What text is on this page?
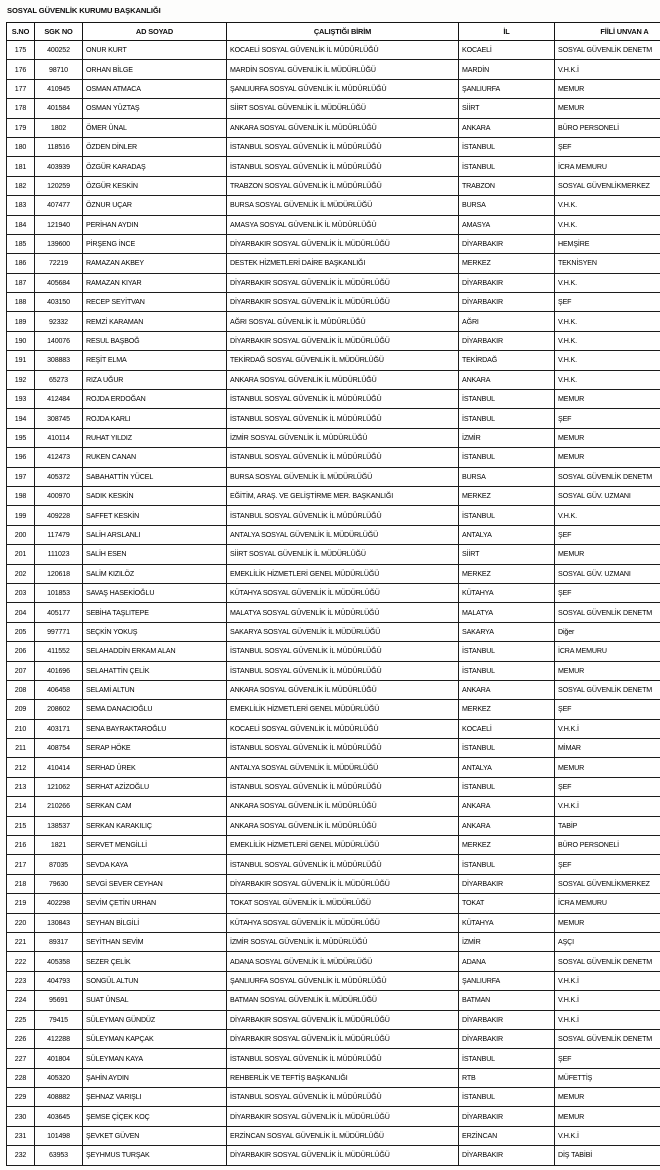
SOSYAL GÜVENLİK KURUMU BAŞKANLIĞI
S.NO	SGK NO	AD SOYAD	ÇALIŞTIĞI BİRİM	İL	FİİLİ UNVAN A
175	400252	ONUR KURT	KOCAELİ SOSYAL GÜVENLİK İL MÜDÜRLÜĞÜ	KOCAELİ	SOSYAL GÜVENLİK DENETM
176	98710	ORHAN BİLGE	MARDİN SOSYAL GÜVENLİK İL MÜDÜRLÜĞÜ	MARDİN	V.H.K.İ
177	410945	OSMAN ATMACA	ŞANLIURFA SOSYAL GÜVENLİK İL MÜDÜRLÜĞÜ	ŞANLIURFA	MEMUR
178	401584	OSMAN YÜZTAŞ	SİİRT SOSYAL GÜVENLİK İL MÜDÜRLÜĞÜ	SİİRT	MEMUR
179	1802	ÖMER ÜNAL	ANKARA SOSYAL GÜVENLİK İL MÜDÜRLÜĞÜ	ANKARA	BÜRO PERSONELİ
180	118516	ÖZDEN DİNLER	İSTANBUL SOSYAL GÜVENLİK İL MÜDÜRLÜĞÜ	İSTANBUL	ŞEF
181	403939	ÖZGÜR KARADAŞ	İSTANBUL SOSYAL GÜVENLİK İL MÜDÜRLÜĞÜ	İSTANBUL	İCRA MEMURU
182	120259	ÖZGÜR KESKİN	TRABZON SOSYAL GÜVENLİK İL MÜDÜRLÜĞÜ	TRABZON	SOSYAL GÜVENLİKMERKEZ
183	407477	ÖZNUR UÇAR	BURSA SOSYAL GÜVENLİK İL MÜDÜRLÜĞÜ	BURSA	V.H.K.
184	121940	PERİHAN AYDIN	AMASYA SOSYAL GÜVENLİK İL MÜDÜRLÜĞÜ	AMASYA	V.H.K.
185	139600	PİRŞENG İNCE	DİYARBAKIR SOSYAL GÜVENLİK İL MÜDÜRLÜĞÜ	DİYARBAKIR	HEMŞİRE
186	72219	RAMAZAN AKBEY	DESTEK HİZMETLERİ DAİRE BAŞKANLIĞI	MERKEZ	TEKNİSYEN
187	405684	RAMAZAN KIYAR	DİYARBAKIR SOSYAL GÜVENLİK İL MÜDÜRLÜĞÜ	DİYARBAKIR	V.H.K.
188	403150	RECEP SEYİTVAN	DİYARBAKIR SOSYAL GÜVENLİK İL MÜDÜRLÜĞÜ	DİYARBAKIR	ŞEF
189	92332	REMZİ KARAMAN	AĞRI SOSYAL GÜVENLİK İL MÜDÜRLÜĞÜ	AĞRI	V.H.K.
190	140076	RESUL BAŞBOĞ	DİYARBAKIR SOSYAL GÜVENLİK İL MÜDÜRLÜĞÜ	DİYARBAKIR	V.H.K.
191	308883	REŞİT ELMA	TEKİRDAĞ SOSYAL GÜVENLİK İL MÜDÜRLÜĞÜ	TEKİRDAĞ	V.H.K.
192	65273	RIZA UĞUR	ANKARA SOSYAL GÜVENLİK İL MÜDÜRLÜĞÜ	ANKARA	V.H.K.
193	412484	ROJDA ERDOĞAN	İSTANBUL SOSYAL GÜVENLİK İL MÜDÜRLÜĞÜ	İSTANBUL	MEMUR
194	308745	ROJDA KARLI	İSTANBUL SOSYAL GÜVENLİK İL MÜDÜRLÜĞÜ	İSTANBUL	ŞEF
195	410114	RUHAT YILDIZ	İZMİR SOSYAL GÜVENLİK İL MÜDÜRLÜĞÜ	İZMİR	MEMUR
196	412473	RUKEN CANAN	İSTANBUL SOSYAL GÜVENLİK İL MÜDÜRLÜĞÜ	İSTANBUL	MEMUR
197	405372	SABAHATTİN YÜCEL	BURSA SOSYAL GÜVENLİK İL MÜDÜRLÜĞÜ	BURSA	SOSYAL GÜVENLİK DENETM
198	400970	SADIK KESKİN	EĞİTİM, ARAŞ. VE GELİŞTİRME MER. BAŞKANLIĞI	MERKEZ	SOSYAL GÜV. UZMANI
199	409228	SAFFET KESKİN	İSTANBUL SOSYAL GÜVENLİK İL MÜDÜRLÜĞÜ	İSTANBUL	V.H.K.
200	117479	SALİH ARSLANLI	ANTALYA SOSYAL GÜVENLİK İL MÜDÜRLÜĞÜ	ANTALYA	ŞEF
201	111023	SALİH ESEN	SİİRT SOSYAL GÜVENLİK İL MÜDÜRLÜĞÜ	SİİRT	MEMUR
202	120618	SALİM KIZILÖZ	EMEKLİLİK HİZMETLERİ GENEL MÜDÜRLÜĞÜ	MERKEZ	SOSYAL GÜV. UZMANI
203	101853	SAVAŞ HASEKİOĞLU	KÜTAHYA SOSYAL GÜVENLİK İL MÜDÜRLÜĞÜ	KÜTAHYA	ŞEF
204	405177	SEBİHA TAŞLITEPE	MALATYA SOSYAL GÜVENLİK İL MÜDÜRLÜĞÜ	MALATYA	SOSYAL GÜVENLİK DENETM
205	997771	SEÇKİN YOKUŞ	SAKARYA SOSYAL GÜVENLİK İL MÜDÜRLÜĞÜ	SAKARYA	Diğer
206	411552	SELAHADDİN ERKAM ALAN	İSTANBUL SOSYAL GÜVENLİK İL MÜDÜRLÜĞÜ	İSTANBUL	İCRA MEMURU
207	401696	SELAHATTİN ÇELİK	İSTANBUL SOSYAL GÜVENLİK İL MÜDÜRLÜĞÜ	İSTANBUL	MEMUR
208	406458	SELAMİ ALTUN	ANKARA SOSYAL GÜVENLİK İL MÜDÜRLÜĞÜ	ANKARA	SOSYAL GÜVENLİK DENETM
209	208602	SEMA DANACIOĞLU	EMEKLİLİK HİZMETLERİ GENEL MÜDÜRLÜĞÜ	MERKEZ	ŞEF
210	403171	SENA BAYRAKTAROĞLU	KOCAELİ SOSYAL GÜVENLİK İL MÜDÜRLÜĞÜ	KOCAELİ	V.H.K.İ
211	408754	SERAP HÖKE	İSTANBUL SOSYAL GÜVENLİK İL MÜDÜRLÜĞÜ	İSTANBUL	MİMAR
212	410414	SERHAD ÜREK	ANTALYA SOSYAL GÜVENLİK İL MÜDÜRLÜĞÜ	ANTALYA	MEMUR
213	121062	SERHAT AZİZOĞLU	İSTANBUL SOSYAL GÜVENLİK İL MÜDÜRLÜĞÜ	İSTANBUL	ŞEF
214	210266	SERKAN CAM	ANKARA SOSYAL GÜVENLİK İL MÜDÜRLÜĞÜ	ANKARA	V.H.K.İ
215	138537	SERKAN KARAKILIÇ	ANKARA SOSYAL GÜVENLİK İL MÜDÜRLÜĞÜ	ANKARA	TABİP
216	1821	SERVET MENGİLLİ	EMEKLİLİK HİZMETLERİ GENEL MÜDÜRLÜĞÜ	MERKEZ	BÜRO PERSONELİ
217	87035	SEVDA KAYA	İSTANBUL SOSYAL GÜVENLİK İL MÜDÜRLÜĞÜ	İSTANBUL	ŞEF
218	79630	SEVGİ SEVER CEYHAN	DİYARBAKIR SOSYAL GÜVENLİK İL MÜDÜRLÜĞÜ	DİYARBAKIR	SOSYAL GÜVENLİKMERKEZ
219	402298	SEVİM ÇETİN URHAN	TOKAT SOSYAL GÜVENLİK İL MÜDÜRLÜĞÜ	TOKAT	İCRA MEMURU
220	130843	SEYHAN BİLGİLİ	KÜTAHYA SOSYAL GÜVENLİK İL MÜDÜRLÜĞÜ	KÜTAHYA	MEMUR
221	89317	SEYİTHAN SEVİM	İZMİR SOSYAL GÜVENLİK İL MÜDÜRLÜĞÜ	İZMİR	AŞÇI
222	405358	SEZER ÇELİK	ADANA SOSYAL GÜVENLİK İL MÜDÜRLÜĞÜ	ADANA	SOSYAL GÜVENLİK DENETM
223	404793	SONGÜL ALTUN	ŞANLIURFA SOSYAL GÜVENLİK İL MÜDÜRLÜĞÜ	ŞANLIURFA	V.H.K.İ
224	95691	SUAT ÜNSAL	BATMAN SOSYAL GÜVENLİK İL MÜDÜRLÜĞÜ	BATMAN	V.H.K.İ
225	79415	SÜLEYMAN GÜNDÜZ	DİYARBAKIR SOSYAL GÜVENLİK İL MÜDÜRLÜĞÜ	DİYARBAKIR	V.H.K.İ
226	412288	SÜLEYMAN KAPÇAK	DİYARBAKIR SOSYAL GÜVENLİK İL MÜDÜRLÜĞÜ	DİYARBAKIR	SOSYAL GÜVENLİK DENETM
227	401804	SÜLEYMAN KAYA	İSTANBUL SOSYAL GÜVENLİK İL MÜDÜRLÜĞÜ	İSTANBUL	ŞEF
228	405320	ŞAHİN AYDIN	REHBERLİK VE TEFTİŞ BAŞKANLIĞI	RTB	MÜFETTİŞ
229	408882	ŞEHNAZ VARIŞLI	İSTANBUL SOSYAL GÜVENLİK İL MÜDÜRLÜĞÜ	İSTANBUL	MEMUR
230	403645	ŞEMSE ÇİÇEK KOÇ	DİYARBAKIR SOSYAL GÜVENLİK İL MÜDÜRLÜĞÜ	DİYARBAKIR	MEMUR
231	101498	ŞEVKET GÜVEN	ERZİNCAN SOSYAL GÜVENLİK İL MÜDÜRLÜĞÜ	ERZİNCAN	V.H.K.İ
232	63953	ŞEYHMUS TURŞAK	DİYARBAKIR SOSYAL GÜVENLİK İL MÜDÜRLÜĞÜ	DİYARBAKIR	DİŞ TABİBİ
